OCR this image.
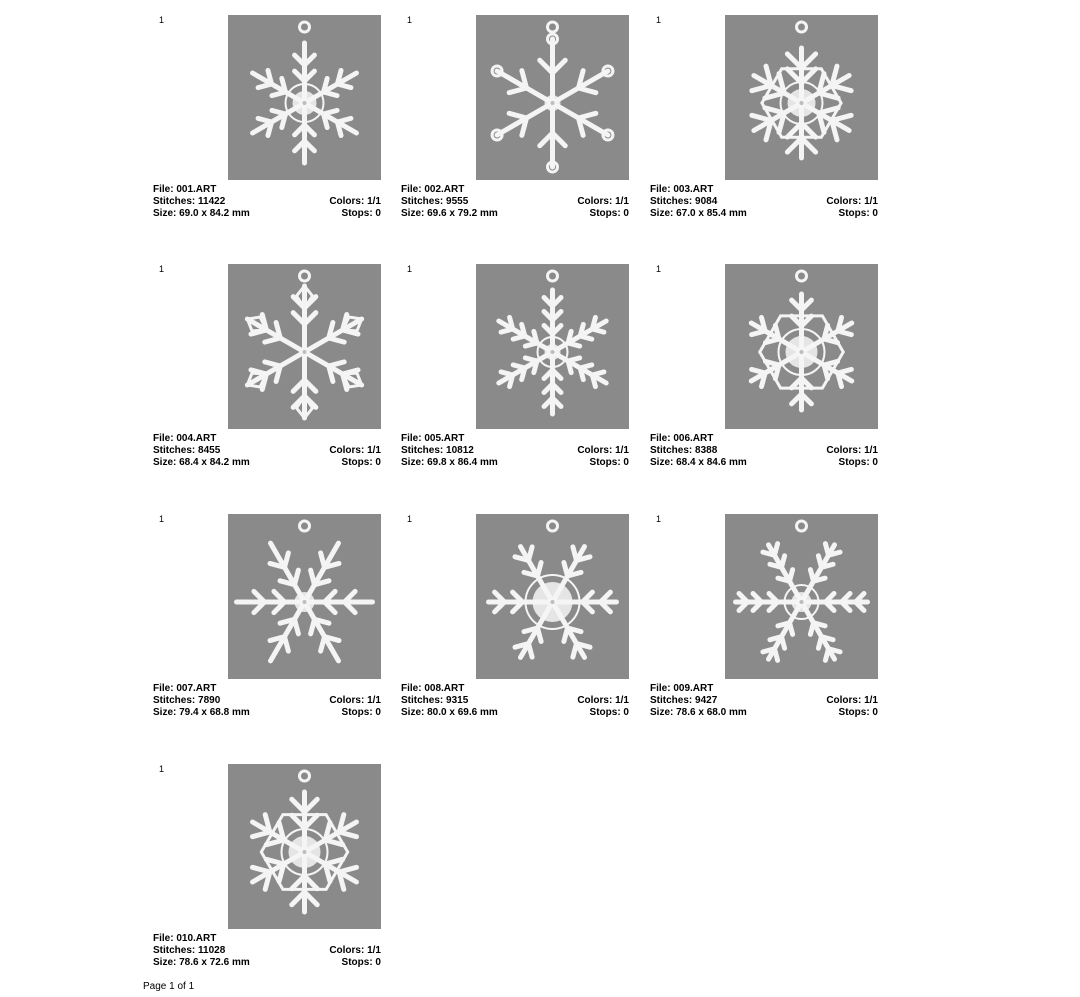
1
File: 001.ART
Stitches: 11422	Colors: 1/1
Size: 69.0 x 84.2 mm	Stops: 0
1
File: 002.ART
Stitches: 9555	Colors: 1/1
Size: 69.6 x 79.2 mm	Stops: 0
1
File: 003.ART
Stitches: 9084	Colors: 1/1
Size: 67.0 x 85.4 mm	Stops: 0
1
File: 004.ART
Stitches: 8455	Colors: 1/1
Size: 68.4 x 84.2 mm	Stops: 0
1
File: 005.ART
Stitches: 10812	Colors: 1/1
Size: 69.8 x 86.4 mm	Stops: 0
1
File: 006.ART
Stitches: 8388	Colors: 1/1
Size: 68.4 x 84.6 mm	Stops: 0
1
File: 007.ART
Stitches: 7890	Colors: 1/1
Size: 79.4 x 68.8 mm	Stops: 0
1
File: 008.ART
Stitches: 9315	Colors: 1/1
Size: 80.0 x 69.6 mm	Stops: 0
1
File: 009.ART
Stitches: 9427	Colors: 1/1
Size: 78.6 x 68.0 mm	Stops: 0
1
File: 010.ART
Stitches: 11028	Colors: 1/1
Size: 78.6 x 72.6 mm	Stops: 0
Page 1 of 1
